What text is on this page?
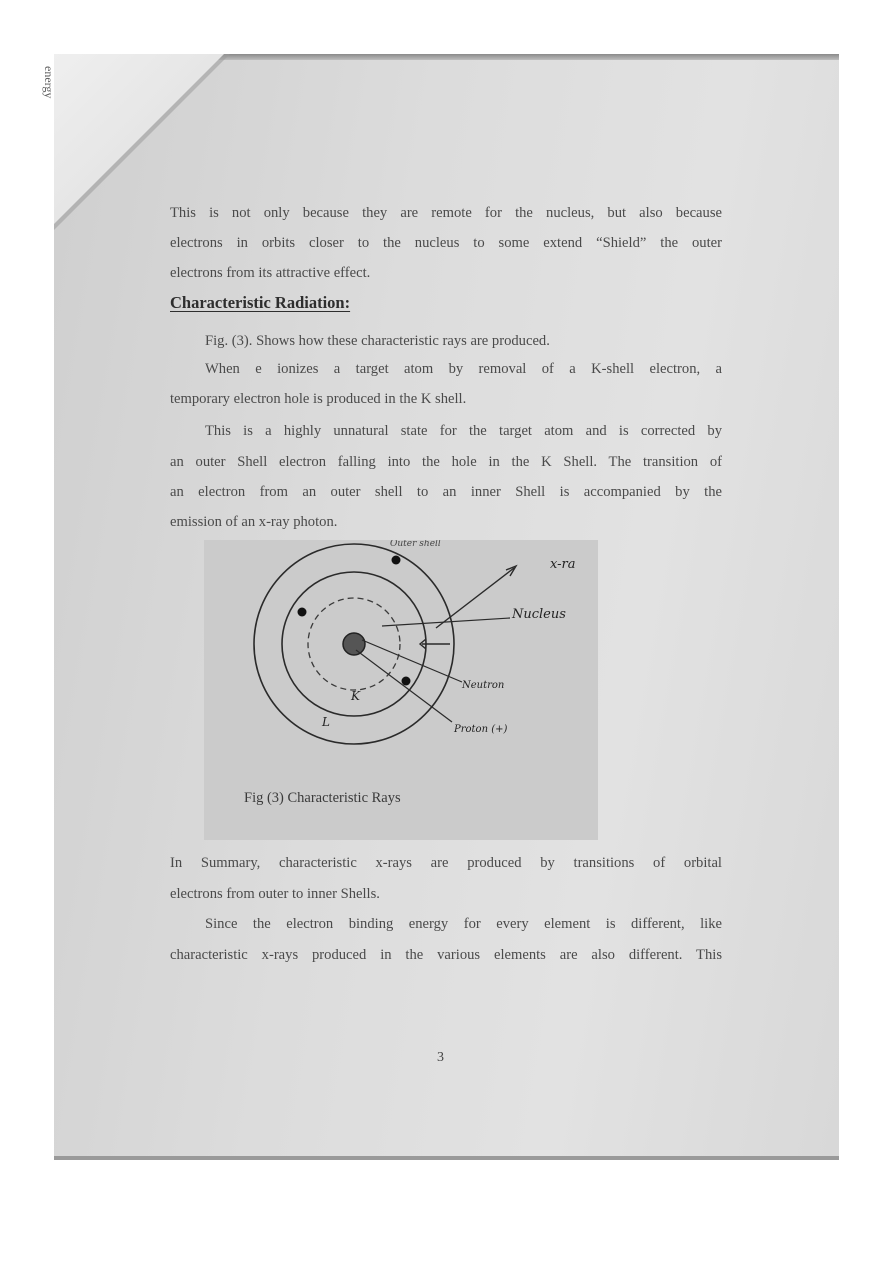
energy
This is not only because they are remote for the nucleus, but also because
electrons in orbits closer to the nucleus to some extend “Shield” the outer
electrons from its attractive effect.
Characteristic Radiation:
Fig. (3). Shows how these characteristic rays are produced.
When e ionizes a target atom by removal of a K-shell electron, a
temporary electron hole is produced in the K shell.
This is a highly unnatural state for the target atom and is corrected by
an outer Shell electron falling into the hole in the K Shell. The transition of
an electron from an outer shell to an inner Shell is accompanied by the
emission of an x-ray photon.
x-ra
Nucleus
Neutron
Proton (+)
K
L
Outer shell
Fig (3) Characteristic Rays
In Summary, characteristic x-rays are produced by transitions of orbital
electrons from outer to inner Shells.
Since the electron binding energy for every element is different, like
characteristic x-rays produced in the various elements are also different. This
3
